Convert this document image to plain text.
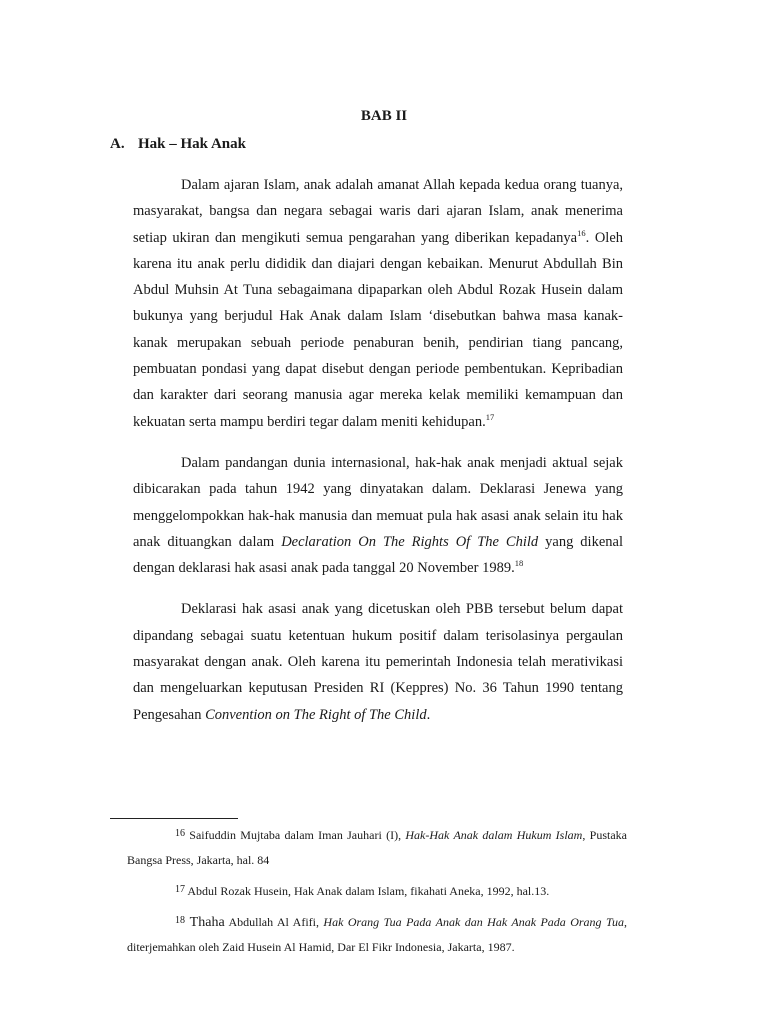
BAB II
A. Hak – Hak Anak

Dalam ajaran Islam, anak adalah amanat Allah kepada kedua orang tuanya, masyarakat, bangsa dan negara sebagai waris dari ajaran Islam, anak menerima setiap ukiran dan mengikuti semua pengarahan yang diberikan kepadanya$^{16}$. Oleh karena itu anak perlu dididik dan diajari dengan kebaikan. Menurut Abdullah Bin Abdul Muhsin At Tuna sebagaimana dipaparkan oleh Abdul Rozak Husein dalam bukunya yang berjudul Hak Anak dalam Islam ‘disebutkan bahwa masa kanak-kanak merupakan sebuah periode penaburan benih, pendirian tiang pancang, pembuatan pondasi yang dapat disebut dengan periode pembentukan. Kepribadian dan karakter dari seorang manusia agar mereka kelak memiliki kemampuan dan kekuatan serta mampu berdiri tegar dalam meniti kehidupan.$^{17}$

Dalam pandangan dunia internasional, hak-hak anak menjadi aktual sejak dibicarakan pada tahun 1942 yang dinyatakan dalam. Deklarasi Jenewa yang menggelompokkan hak-hak manusia dan memuat pula hak asasi anak selain itu hak anak dituangkan dalam Declaration On The Rights Of The Child yang dikenal dengan deklarasi hak asasi anak pada tanggal 20 November 1989.18

Deklarasi hak asasi anak yang dicetuskan oleh PBB tersebut belum dapat dipandang sebagai suatu ketentuan hukum positif dalam terisolasinya pergaulan masyarakat dengan anak. Oleh karena itu pemerintah Indonesia telah merativikasi dan mengeluarkan keputusan Presiden RI (Keppres) No. 36 Tahun 1990 tentang Pengesahan Convention on The Right of The Child.

$^{16}$ Saifuddin Mujtaba dalam Iman Jauhari (I), Hak-Hak Anak dalam Hukum Islam, Pustaka Bangsa Press, Jakarta, hal. 84

$^{17}$ Abdul Rozak Husein, Hak Anak dalam Islam, fikahati Aneka, 1992, hal.13.

$^{18}$ Thaha Abdullah Al Afifi, Hak Orang Tua Pada Anak dan Hak Anak Pada Orang Tua, diterjemahkan oleh Zaid Husein Al Hamid, Dar El Fikr Indonesia, Jakarta, 1987.
